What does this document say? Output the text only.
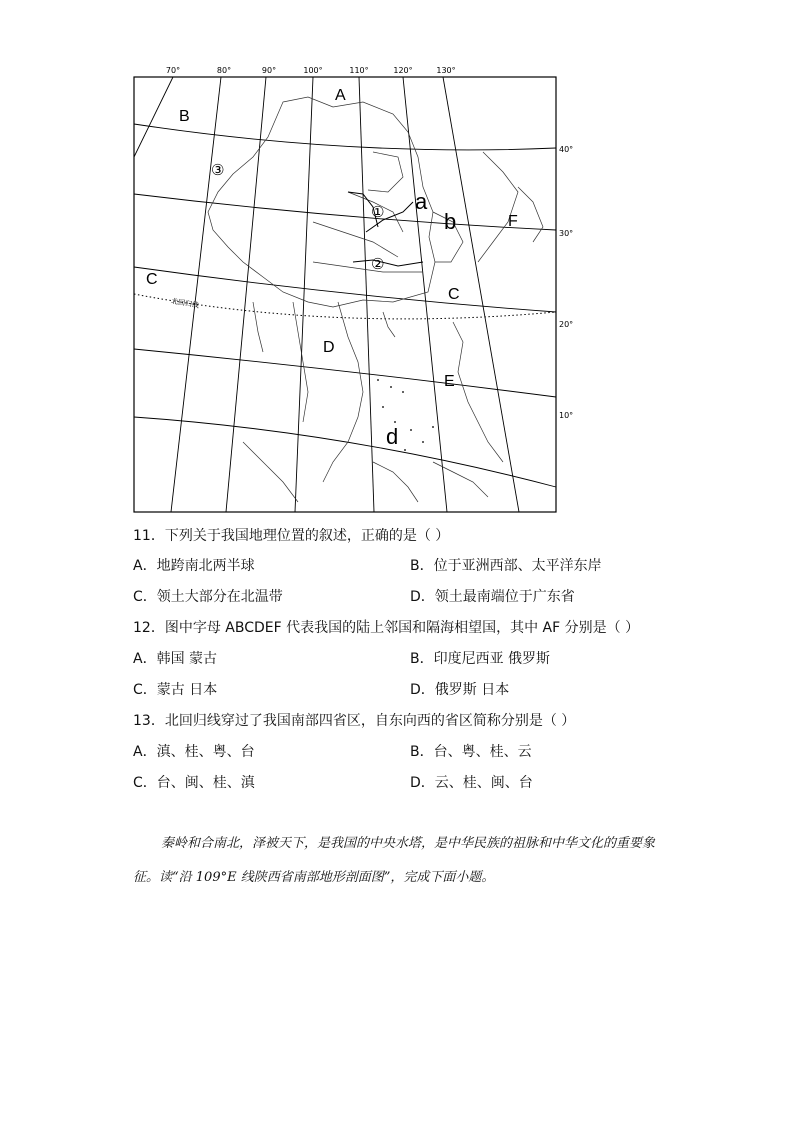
70°	80°	90°	100°	110°	120°	130°
40°
30°
20°
10°
北回归线
A
B
C
C
D
E
F
a
b
d
①
②
③
11．下列关于我国地理位置的叙述，正确的是（ ）
A．地跨南北两半球	B．位于亚洲西部、太平洋东岸
C．领土大部分在北温带	D．领土最南端位于广东省
12．图中字母 ABCDEF 代表我国的陆上邻国和隔海相望国，其中 AF 分别是（ ）
A．韩国 蒙古	B．印度尼西亚 俄罗斯
C．蒙古 日本	D．俄罗斯 日本
13．北回归线穿过了我国南部四省区，自东向西的省区简称分别是（ ）
A．滇、桂、粤、台	B．台、粤、桂、云
C．台、闽、桂、滇	D．云、桂、闽、台

秦岭和合南北，泽被天下，是我国的中央水塔，是中华民族的祖脉和中华文化的重要象征。读“沿 109°E 线陕西省南部地形剖面图”，完成下面小题。
